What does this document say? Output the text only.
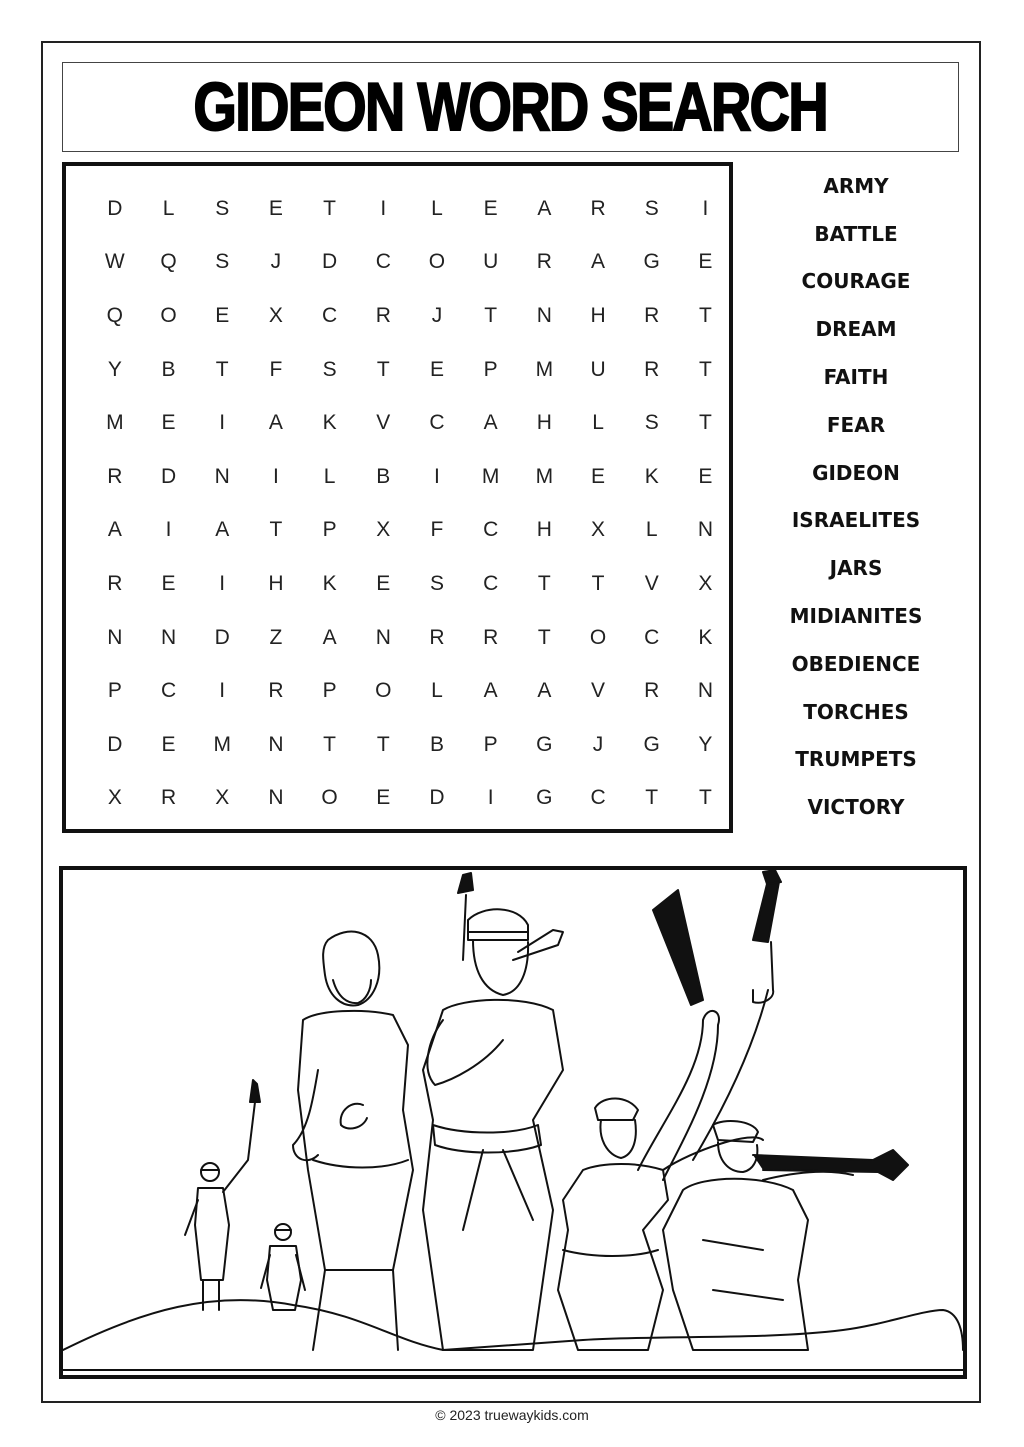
GIDEON WORD SEARCH
D	L	S	E	T	I	L	E	A	R	S	I
W	Q	S	J	D	C	O	U	R	A	G	E
Q	O	E	X	C	R	J	T	N	H	R	T
Y	B	T	F	S	T	E	P	M	U	R	T
M	E	I	A	K	V	C	A	H	L	S	T
R	D	N	I	L	B	I	M	M	E	K	E
A	I	A	T	P	X	F	C	H	X	L	N
R	E	I	H	K	E	S	C	T	T	V	X
N	N	D	Z	A	N	R	R	T	O	C	K
P	C	I	R	P	O	L	A	A	V	R	N
D	E	M	N	T	T	B	P	G	J	G	Y
X	R	X	N	O	E	D	I	G	C	T	T
ARMY
BATTLE
COURAGE
DREAM
FAITH
FEAR
GIDEON
ISRAELITES
JARS
MIDIANITES
OBEDIENCE
TORCHES
TRUMPETS
VICTORY
© 2023 truewaykids.com
